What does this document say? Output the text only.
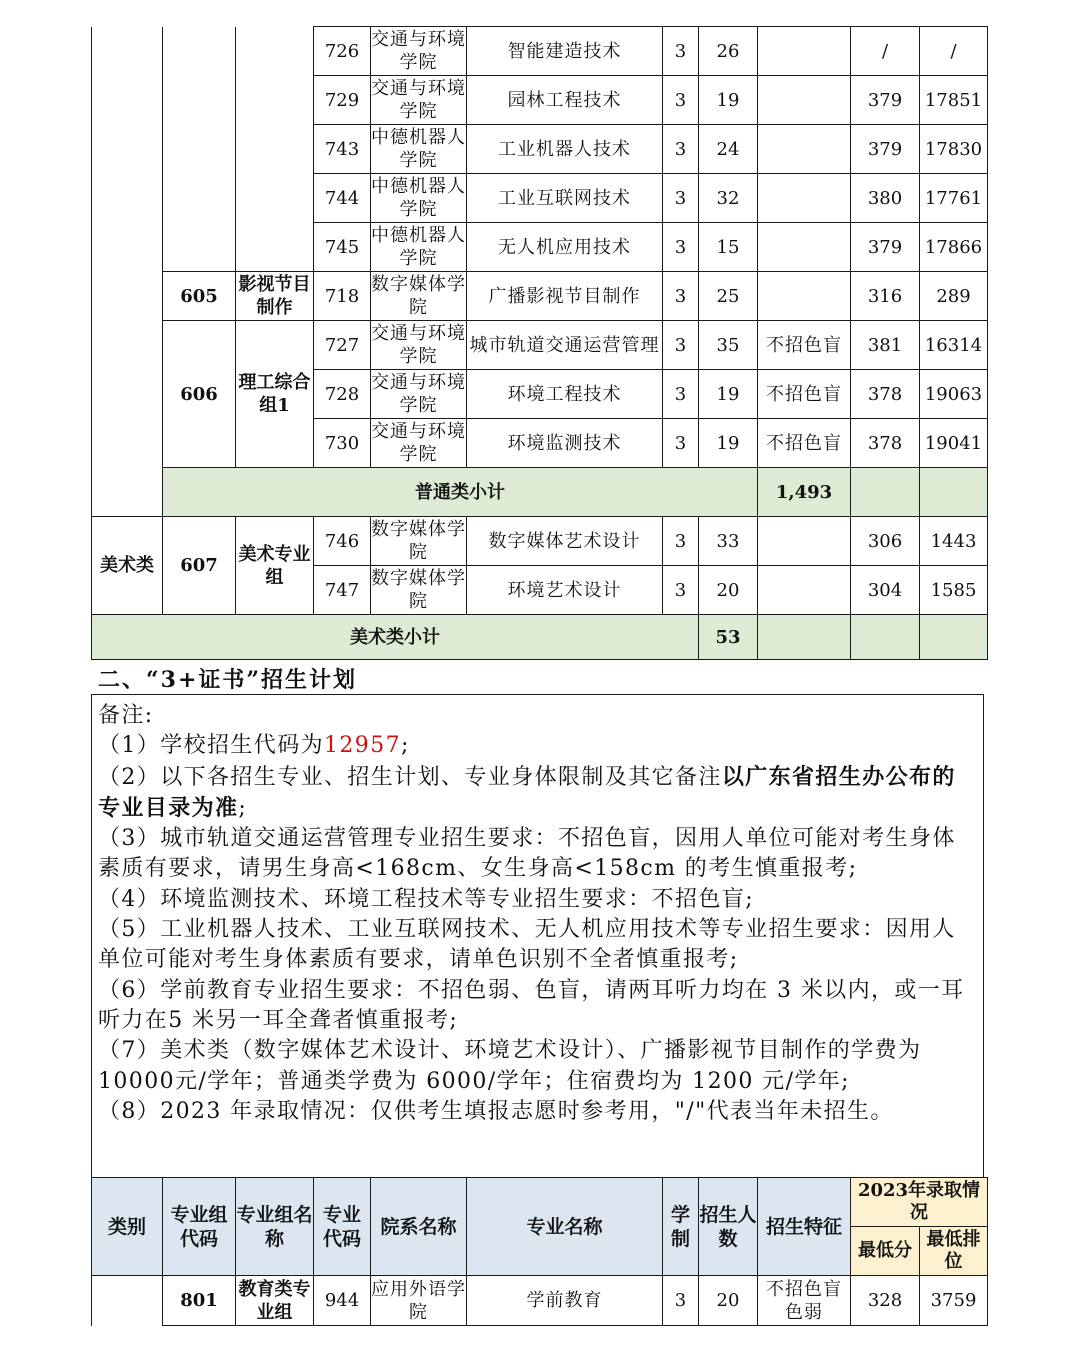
			726	交通与环境学院	智能建造技术	3	26		/	/	
			729	交通与环境学院	园林工程技术	3	19		379	17851	
			743	中德机器人学院	工业机器人技术	3	24		379	17830	
			744	中德机器人学院	工业互联网技术	3	32		380	17761	
			745	中德机器人学院	无人机应用技术	3	15		379	17866	
	605	影视节目制作	718	数字媒体学院	广播影视节目制作	3	25		316	289	
	606	理工综合组1	727	交通与环境学院	城市轨道交通运营管理	3	35	不招色盲	381	16314	
			728	交通与环境学院	环境工程技术	3	19	不招色盲	378	19063	
			730	交通与环境学院	环境监测技术	3	19	不招色盲	378	19041	
	普通类小计							1,493			
美术类	607	美术专业组	746	数字媒体学院	数字媒体艺术设计	3	33		306	1443	
			747	数字媒体学院	环境艺术设计	3	20		304	1585	
美术类小计							53				
二、“3+证书”招生计划

备注:

（1）学校招生代码为12957;

（2）以下各招生专业、招生计划、专业身体限制及其它备注以广东省招生办公布的专业目录为准;

（3）城市轨道交通运营管理专业招生要求：不招色盲，因用人单位可能对考生身体素质有要求，请男生身高<168cm、女生身高<158cm 的考生慎重报考;

（4）环境监测技术、环境工程技术等专业招生要求：不招色盲;

（5）工业机器人技术、工业互联网技术、无人机应用技术等专业招生要求：因用人单位可能对考生身体素质有要求，请单色识别不全者慎重报考;

（6）学前教育专业招生要求：不招色弱、色盲，请两耳听力均在 3 米以内，或一耳听力在5 米另一耳全聋者慎重报考;

（7）美术类（数字媒体艺术设计、环境艺术设计）、广播影视节目制作的学费为10000元/学年；普通类学费为 6000/学年；住宿费均为 1200 元/学年;

（8）2023 年录取情况：仅供考生填报志愿时参考用，"/"代表当年未招生。

类别	专业组代码	专业组名称	专业代码	院系名称	专业名称	学制	招生人数	招生特征	2023年录取情况	
									最低分	最低排位
	801	教育类专业组	944	应用外语学院	学前教育	3	20	不招色盲色弱	328	3759
